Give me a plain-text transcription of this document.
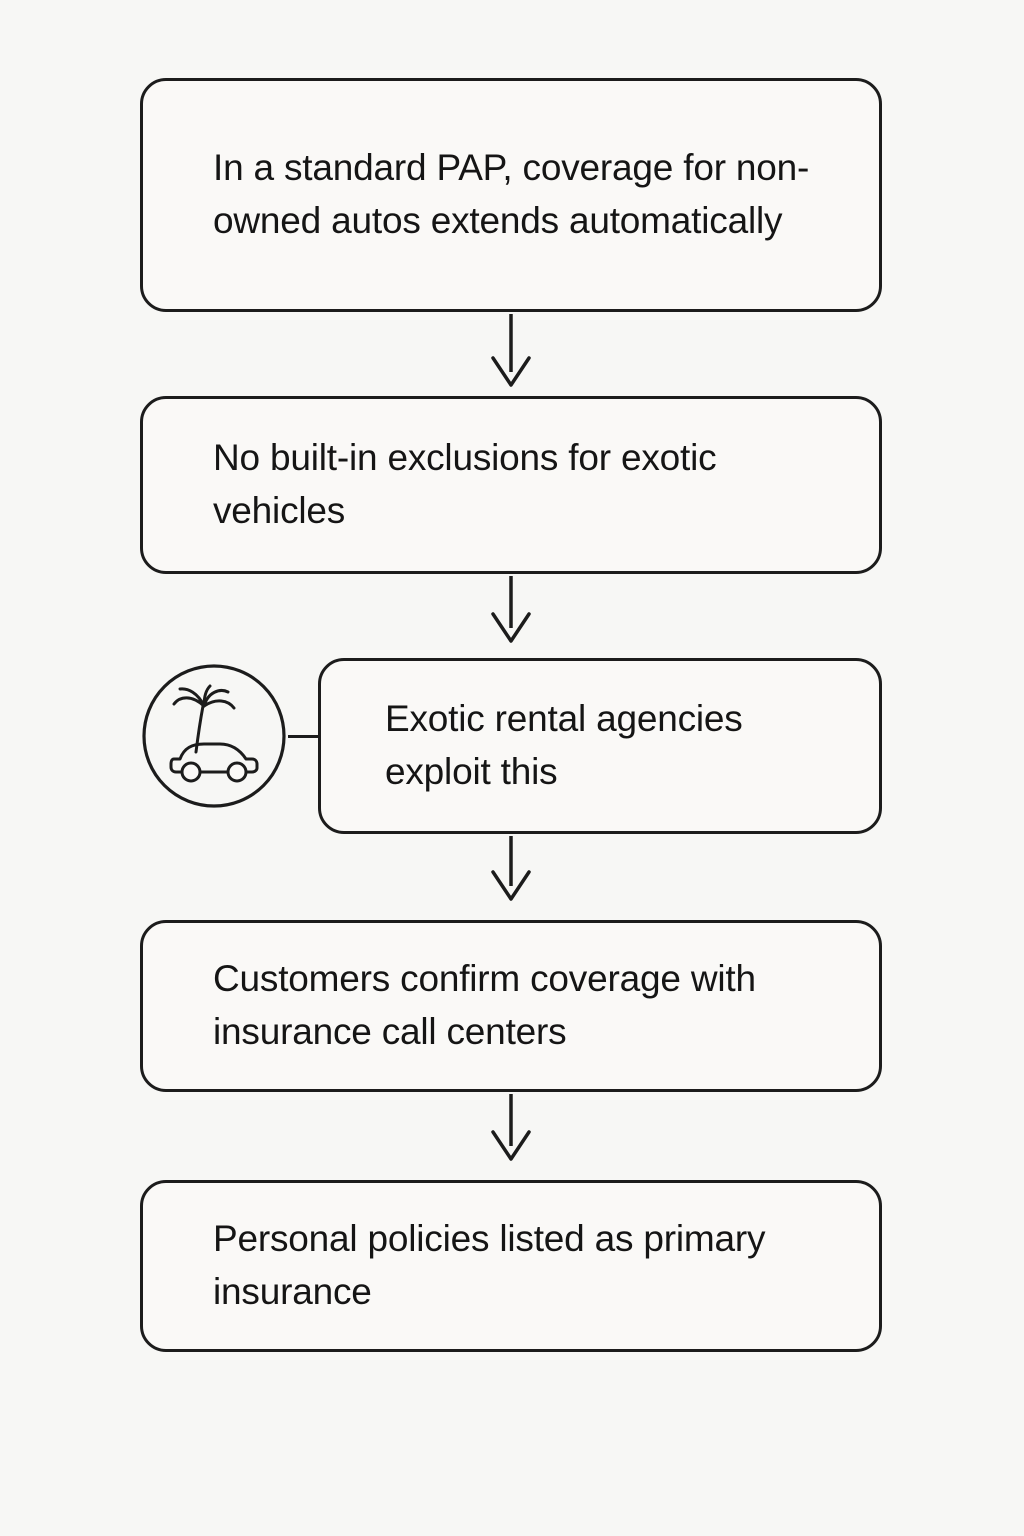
In a standard PAP, coverage for non-owned autos extends automatically
No built-in exclusions for exotic vehicles
Exotic rental agencies exploit this
Customers confirm coverage with insurance call centers
Personal policies listed as primary insurance
